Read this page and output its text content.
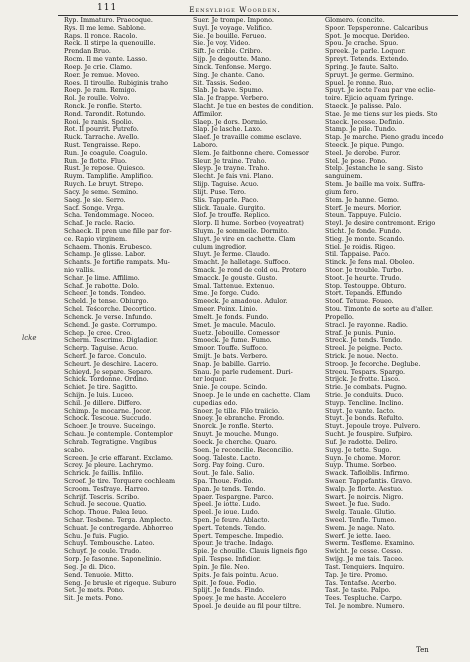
111	Eensylbige Woorden.
Ryp. Immaturo. Praecoque.
Rys. Il me leme. Sablone.
Raps. Il ronce. Racolo.
Reck. Il stirpe la quenouille.
Prendan Bruo.
Rocm. Il me vante. Lasso.
Roep. Je crie. Clamo.
Roer. Je remue. Moveo.
Roes. Il tiroulle. Rubiginis traho
Roep. Je ram. Remigo.
Rol. Je roulle. Volvo.
Ronck. Je ronfle. Sterto.
Rond. Tarondit. Rotundo.
Rooi. Je ranis. Spolio.
Rot. Il pourrit. Putrefo.
Ruck. Tarrache. Avello.
Rust. Tengraisse. Repo.
Run. Je coagule. Coagulo.
Run. Je flotte. Fluo.
Rust. Je repose. Quiesco.
Ruym. Tamplifie. Amplifico.
Ruych. Le bruyt. Strepo.
Sacy. Je seme. Semino.
Saeg. Je sie. Serro.
Sacf. Songe. Vrga.
Scha. Tendommage. Noceo.
Schaf. Je racle. Racio.
Schaeck. Il pren une fille par for-
ce. Rapio virginem.
Schaem. Thonis. Erubesco.
Schamp. Je glisse. Labor.
Schants. Je fortifie rampats. Mu-
nio vallis.
Schar. Je lime. Affilimo.
Schaf. Je rabotte. Dolo.
Scheer. Je tonds. Tondeo.
Scheld. Je tense. Obiurgo.
Schel. Teścorche. Decortico.
Schenck. Je verse. Infundo.
Schend. Je gaste. Corrumpo.
Schep. Je cree. Creo.
Scherm. Tescrime. Digladior.
Scherp. Taguise. Acuo.
Scherf. Je farce. Conculo.
Scheurt. Je deschire. Lacero.
Schieyd. Je separe. Separo.
Schick. Tordonne. Ordino.
Schiet. Je tire. Sagitto.
Schijn. Je luis. Luceo.
Schil. Je dillere. Differo.
Schimp. Je mocarne. Jocor.
Schock. Tescoue. Succudo.
Schoer. Je trouve. Suceingo.
Schau. Je contemple. Contemplor
Schrab. Tegratigne. Vngibus
scabo.
Screen. Je crie effarant. Exclamo.
Screy. Je pleure. Lachrymo.
Schrick. Je faillis. Infilio.
Scroef. Je tire. Torquere cochleam
Scroom. Tesfraye. Harreo.
Schrijf. Tescris. Scribo.
Schud. Je secoue. Quatio.
Schop. Thoue. Palea Ieuo.
Schar. Tesbene. Terga. Amplecto.
Schuat. Je contregarde. Abhorreo
Schu. Je fuis. Fugio.
Schuyl. Tembousche. Lateo.
Schuyf. Je coule. Trudo.
Sorp. Je fasonne. Saponelinio.
Seg. Je di. Dico.
Send. Tenuoie. Mitto.
Seng. Je brusle et rigeque. Suburo
Set. Je mets. Pono.
Sit. Je mets. Pono.
Suer. Je trompe. Impono.
Suyl. Je voyage. Velifico.
Sie. Je bouille. Ferueo.
Sie. Je voy. Video.
Sift. Je crible. Cribro.
Sijp. Je degoutte. Mano.
Sinck. Tenfonse. Mergo.
Sing. Je chante. Cano.
Sit. Tassis. Sedeo.
Slab. Je bave. Spumo.
Sla. Je frappe. Verbero.
Slacht. Je tue en bestes de condition.
Affimilor.
Slaep. Je dors. Dormio.
Slap. Je lasche. Laxo.
Slaef. Je travaille comme esclave.
Laboro.
Slem. Je faitbonne chere. Comessor
Sleur. Je traine. Traho.
Sleyp. Je trayne. Traho.
Slecht. Je fais vni. Plano.
Slijp. Taguise. Acuo.
Slijt. Puse. Tero.
Slis. Tapparle. Paco.
Slick. Tauale. Gurgito.
Slof. Je trouffe. Replico.
Slorp. Il hume. Sorbeo (voyeatrat)
Sluym. Je sommeile. Dormito.
Sluyt. Je vire en cachette. Clam
culum ingredior.
Sluyt. Je ferme. Claudo.
Smacht. Je halletage. Suffoco.
Smack. Je rond de cold ou. Protero
Smacck. Je gouste. Gusto.
Smal. Tattenue. Extenuo.
Sme. Je forge. Cudo.
Smeeck. Je amadoue. Adulor.
Smeer. Poinx. Linio.
Smelt. Je fonds. Fundo.
Smet. Je macule. Maculo.
Suetz. Jebouille. Comessor
Smoeck. Je fume. Fumo.
Smoor. Touffe. Suffoco.
Smijt. Je bats. Verbero.
Snap. Je babille. Garrio.
Snau. Je parle rudement. Duri-
ter loquor.
Snie. Je coupe. Scindo.
Snoep. Je le unde en cachette. Clam
cupedias edo.
Snoer. Je tille. Filo traiicio.
Snoey. Je ebranche. Frondo.
Snorck. Je ronfle. Sterto.
Snuyt. Je mouche. Mungo.
Soeck. Je cherche. Quaro.
Soen. Je reconcilie. Reconcilio.
Soog. Taleste. Lacto.
Sorg. Pay foing. Curo.
Sout. Je fale. Salio.
Spa. Thoue. Fodio.
Span. Je tends. Tendo.
Spaer. Tespargne. Parco.
Speel. Je iotte. Ludo.
Speel. Je ioue. Ludo.
Spen. Je feure. Ablacto.
Spert. Tetends. Tendo.
Spert. Tempesche. Impedio.
Spour. Je trache. Indago.
Spie. Je chouille. Clauis ligneis figo
Spil. Tespse. Infidior.
Spin. Je file. Neo.
Spits. Je fais pointu. Acuo.
Spit. Je foue. Fodio.
Splijt. Je fends. Findo.
Spoey. Je me haste. Accelero
Spoel. Je deuide au fil pour tiltre.
Glomero. (concite.
Spoor. Tepsperonne. Calcaribus
Spot. Je mocque. Derideo.
Spou. Je crache. Spuo.
Spreek. Je parle. Loquor.
Spreyt. Tetends. Extendo.
Spring. Je faute. Salto.
Spruyt. Je germe. Germino.
Spuel. Je ronne. Ruo.
Spuyt. Je iecte l'eau par vne eclie-
toire. Ejicio aquam fyringe.
Staeck. Je palisse. Palo.
Stae. Je me tiens sur les pieds. Sto
Staeck. Jecesse. Definio.
Stamp. Je pile. Tundo.
Stap. Je marche. Pieno gradu incedo
Steeck. Je pique. Pungo.
Steel. Je derobe. Furor.
Stel. Je pose. Pono.
Stelp. Jestanche le sang. Sisto
sanguinem.
Stem. Je baille ma voix. Suffra-
gium fero.
Stem. Je hanne. Gemo.
Sterf. Je meurs. Morior.
Steun. Tappuye. Fulcio.
Steyl. Je desire contremont. Erigo
Sticht. Je fonde. Fundo.
Stieg. Je monte. Scando.
Stiel. Je roidis. Rigeo.
Stil. Tappaise. Paco.
Stinck. Je fens mal. Oboleo.
Stoor. Je trouble. Turbo.
Stoot. Je heurte. Trudo.
Stop. Testouppe. Obturo.
Stort. Tepands. Effundo
Stoof. Tetuue. Foueo.
Stou. Timonte de sorte au d'aller.
Propello.
Stracl. Je rayonne. Radio.
Straf. Je punis. Punio.
Streck. Je tends. Tendo.
Streel. Je peigne. Pecto.
Strick. Je noue. Necto.
Stroop. Je fecorche. Deglube.
Streeu. Tespars. Spargo.
Strijck. Je frotte. Lisco.
Strie. Je combats. Pugno.
Strie. Je conduits. Duco.
Stuyp. Tencline. Inclino.
Stuyt. Je vante. Iacto.
Stuyt. Je bonds. Refulto.
Stuyt. Jepoule troye. Pulvero.
Sucht. Je fouspire. Sufpiro.
Suf. Je radotte. Deliro.
Suyg. Je tette. Sugo.
Suyn. Je chome. Moror.
Suyp. Thume. Sorbeo.
Swack. Tafloiblis. Infirmo.
Swaer. Tappefantis. Gravo.
Swalp. Je florte. Aestuo.
Swart. Je noircis. Nigro.
Sweet. Je fue. Sudo.
Swelg. Tauale. Glutio.
Sweel. Tenfle. Tumeo.
Swem. Je nage. Nato.
Swerf. Je iette. Iaeo.
Swerm. Tesfleme. Examino.
Swicht. Je cesse. Cesso.
Swijg. Je me tais. Taceo.
Tast. Tenquiers. Inquiro.
Tap. Je tire. Promo.
Tas. Tentafse. Acerbo.
Tast. Je taste. Palpo.
Tees. Tespluche. Carpo.
Tel. Je nombre. Numero.
lcke
Ten
